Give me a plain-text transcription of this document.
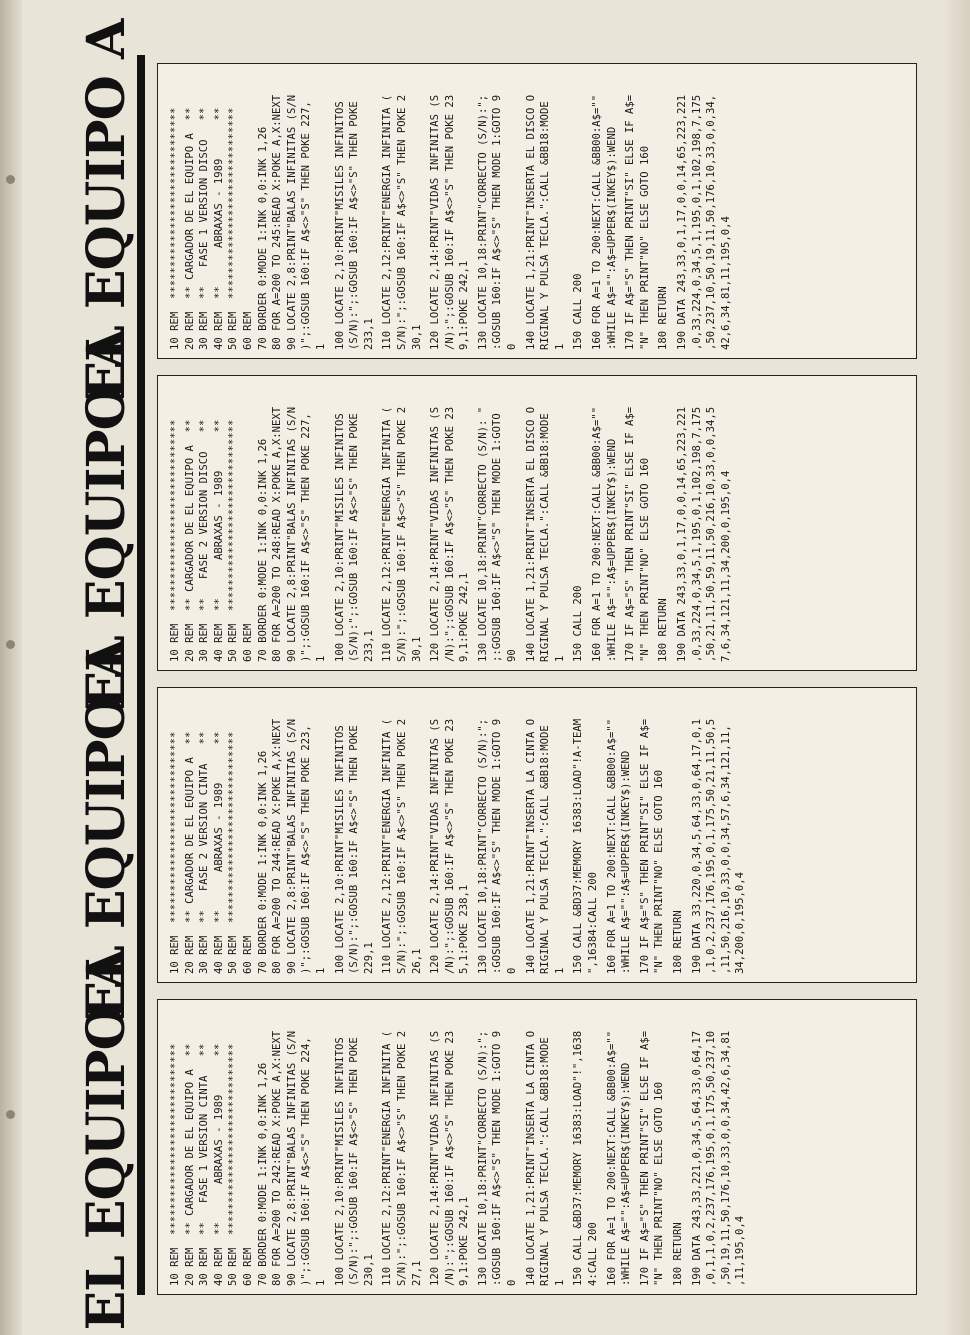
EL EQUIPO A
EL EQUIPO A
EL EQUIPO A
EL EQUIPO A
10 REM  ****************************** 20 REM  ** CARGADOR DE EL EQUIPO A  ** 30 REM  **   FASE 1 VERSION CINTA   ** 40 REM  **      ABRAXAS - 1989      ** 50 REM  ****************************** 60 REM 70 BORDER 0:MODE 1:INK 0,0:INK 1,26 80 FOR A=200 TO 242:READ X:POKE A,X:NEXT 90 LOCATE 2,8:PRINT"BALAS INFINITAS (S/N )";:GOSUB 160:IF A$<>"S" THEN POKE 224, 1 100 LOCATE 2,10:PRINT"MISILES INFINITOS (S/N):";:GOSUB 160:IF A$<>"S" THEN POKE 230,1 110 LOCATE 2,12:PRINT"ENERGIA INFINITA ( S/N):";:GOSUB 160:IF A$<>"S" THEN POKE 2 27,1 120 LOCATE 2,14:PRINT"VIDAS INFINITAS (S /N):";:GOSUB 160:IF A$<>"S" THEN POKE 23 9,1:POKE 242,1 130 LOCATE 10,18:PRINT"CORRECTO (S/N):"; :GOSUB 160:IF A$<>"S" THEN MODE 1:GOTO 9 0 140 LOCATE 1,21:PRINT"INSERTA LA CINTA O RIGINAL Y PULSA TECLA.":CALL &BB18:MODE 1 150 CALL &BD37:MEMORY 16383:LOAD"!",1638 4:CALL 200 160 FOR A=1 TO 200:NEXT:CALL &BB00:A$="" :WHILE A$="":A$=UPPER$(INKEY$):WEND 170 IF A$="S" THEN PRINT"SI" ELSE IF A$= "N" THEN PRINT"NO" ELSE GOTO 160 180 RETURN 190 DATA 243,33,221,0,34,5,64,33,0,64,17 ,0,1,1,0,2,237,176,195,0,1,175,50,237,10 ,50,19,11,50,176,10,33,0,0,34,42,6,34,81 ,11,195,0,4
10 REM  ****************************** 20 REM  ** CARGADOR DE EL EQUIPO A  ** 30 REM  **   FASE 2 VERSION CINTA   ** 40 REM  **      ABRAXAS - 1989      ** 50 REM  ****************************** 60 REM 70 BORDER 0:MODE 1:INK 0,0:INK 1,26 80 FOR A=200 TO 244:READ X:POKE A,X:NEXT 90 LOCATE 2,8:PRINT"BALAS INFINITAS (S/N )";:GOSUB 160:IF A$<>"S" THEN POKE 223, 1 100 LOCATE 2,10:PRINT"MISILES INFINITOS (S/N):";:GOSUB 160:IF A$<>"S" THEN POKE 229,1 110 LOCATE 2,12:PRINT"ENERGIA INFINITA ( S/N):";:GOSUB 160:IF A$<>"S" THEN POKE 2 26,1 120 LOCATE 2,14:PRINT"VIDAS INFINITAS (S /N):";:GOSUB 160:IF A$<>"S" THEN POKE 23 5,1:POKE 238,1 130 LOCATE 10,18:PRINT"CORRECTO (S/N):"; :GOSUB 160:IF A$<>"S" THEN MODE 1:GOTO 9 0 140 LOCATE 1,21:PRINT"INSERTA LA CINTA O RIGINAL Y PULSA TECLA.":CALL &BB18:MODE 1 150 CALL &BD37:MEMORY 16383:LOAD"!A-TEAM ",16384:CALL 200 160 FOR A=1 TO 200:NEXT:CALL &BB00:A$="" :WHILE A$="":A$=UPPER$(INKEY$):WEND 170 IF A$="S" THEN PRINT"SI" ELSE IF A$= "N" THEN PRINT"NO" ELSE GOTO 160 180 RETURN 190 DATA 33,220,0,34,5,64,33,0,64,17,0,1 ,1,0,2,237,176,195,0,1,175,50,21,11,50,5 ,11,50,216,10,33,0,0,34,57,6,34,121,11, 34,200,0,195,0,4
10 REM  ****************************** 20 REM  ** CARGADOR DE EL EQUIPO A  ** 30 REM  **   FASE 2 VERSION DISCO   ** 40 REM  **      ABRAXAS - 1989      ** 50 REM  ****************************** 60 REM 70 BORDER 0:MODE 1:INK 0,0:INK 1,26 80 FOR A=200 TO 248:READ X:POKE A,X:NEXT 90 LOCATE 2,8:PRINT"BALAS INFINITAS (S/N )";:GOSUB 160:IF A$<>"S" THEN POKE 227, 1 100 LOCATE 2,10:PRINT"MISILES INFINITOS (S/N):";:GOSUB 160:IF A$<>"S" THEN POKE 233,1 110 LOCATE 2,12:PRINT"ENERGIA INFINITA ( S/N):";:GOSUB 160:IF A$<>"S" THEN POKE 2 30,1 120 LOCATE 2,14:PRINT"VIDAS INFINITAS (S /N):";:GOSUB 160:IF A$<>"S" THEN POKE 23 9,1:POKE 242,1 130 LOCATE 10,18:PRINT"CORRECTO (S/N): " ;:GOSUB 160:IF A$<>"S" THEN MODE 1:GOTO 90 140 LOCATE 1,21:PRINT"INSERTA EL DISCO O RIGINAL Y PULSA TECLA.":CALL &BB18:MODE 1 150 CALL 200 160 FOR A=1 TO 200:NEXT:CALL &BB00:A$="" :WHILE A$="":A$=UPPER$(INKEY$):WEND 170 IF A$="S" THEN PRINT"SI" ELSE IF A$= "N" THEN PRINT"NO" ELSE GOTO 160 180 RETURN 190 DATA 243,33,0,1,17,0,0,14,65,223,221 ,0,33,224,0,34,5,1,195,0,1,102,198,7,175 ,50,21,11,50,59,11,50,216,10,33,0,0,34,5 7,6,34,121,11,34,200,0,195,0,4
10 REM  ****************************** 20 REM  ** CARGADOR DE EL EQUIPO A  ** 30 REM  **   FASE 1 VERSION DISCO   ** 40 REM  **      ABRAXAS - 1989      ** 50 REM  ****************************** 60 REM 70 BORDER 0:MODE 1:INK 0,0:INK 1,26 80 FOR A=200 TO 245:READ X:POKE A,X:NEXT 90 LOCATE 2,8:PRINT"BALAS INFINITAS (S/N )";:GOSUB 160:IF A$<>"S" THEN POKE 227, 1 100 LOCATE 2,10:PRINT"MISILES INFINITOS (S/N):";:GOSUB 160:IF A$<>"S" THEN POKE 233,1 110 LOCATE 2,12:PRINT"ENERGIA INFINITA ( S/N):";:GOSUB 160:IF A$<>"S" THEN POKE 2 30,1 120 LOCATE 2,14:PRINT"VIDAS INFINITAS (S /N):";:GOSUB 160:IF A$<>"S" THEN POKE 23 9,1:POKE 242,1 130 LOCATE 10,18:PRINT"CORRECTO (S/N):"; :GOSUB 160:IF A$<>"S" THEN MODE 1:GOTO 9 0 140 LOCATE 1,21:PRINT"INSERTA EL DISCO O RIGINAL Y PULSA TECLA.":CALL &BB18:MODE 1 150 CALL 200 160 FOR A=1 TO 200:NEXT:CALL &BB00:A$="" :WHILE A$="":A$=UPPER$(INKEY$):WEND 170 IF A$="S" THEN PRINT"SI" ELSE IF A$= "N" THEN PRINT"NO" ELSE GOTO 160 180 RETURN 190 DATA 243,33,0,1,17,0,0,14,65,223,221 ,0,33,224,0,34,5,1,195,0,1,102,198,7,175 ,50,237,10,50,19,11,50,176,10,33,0,0,34, 42,6,34,81,11,195,0,4
